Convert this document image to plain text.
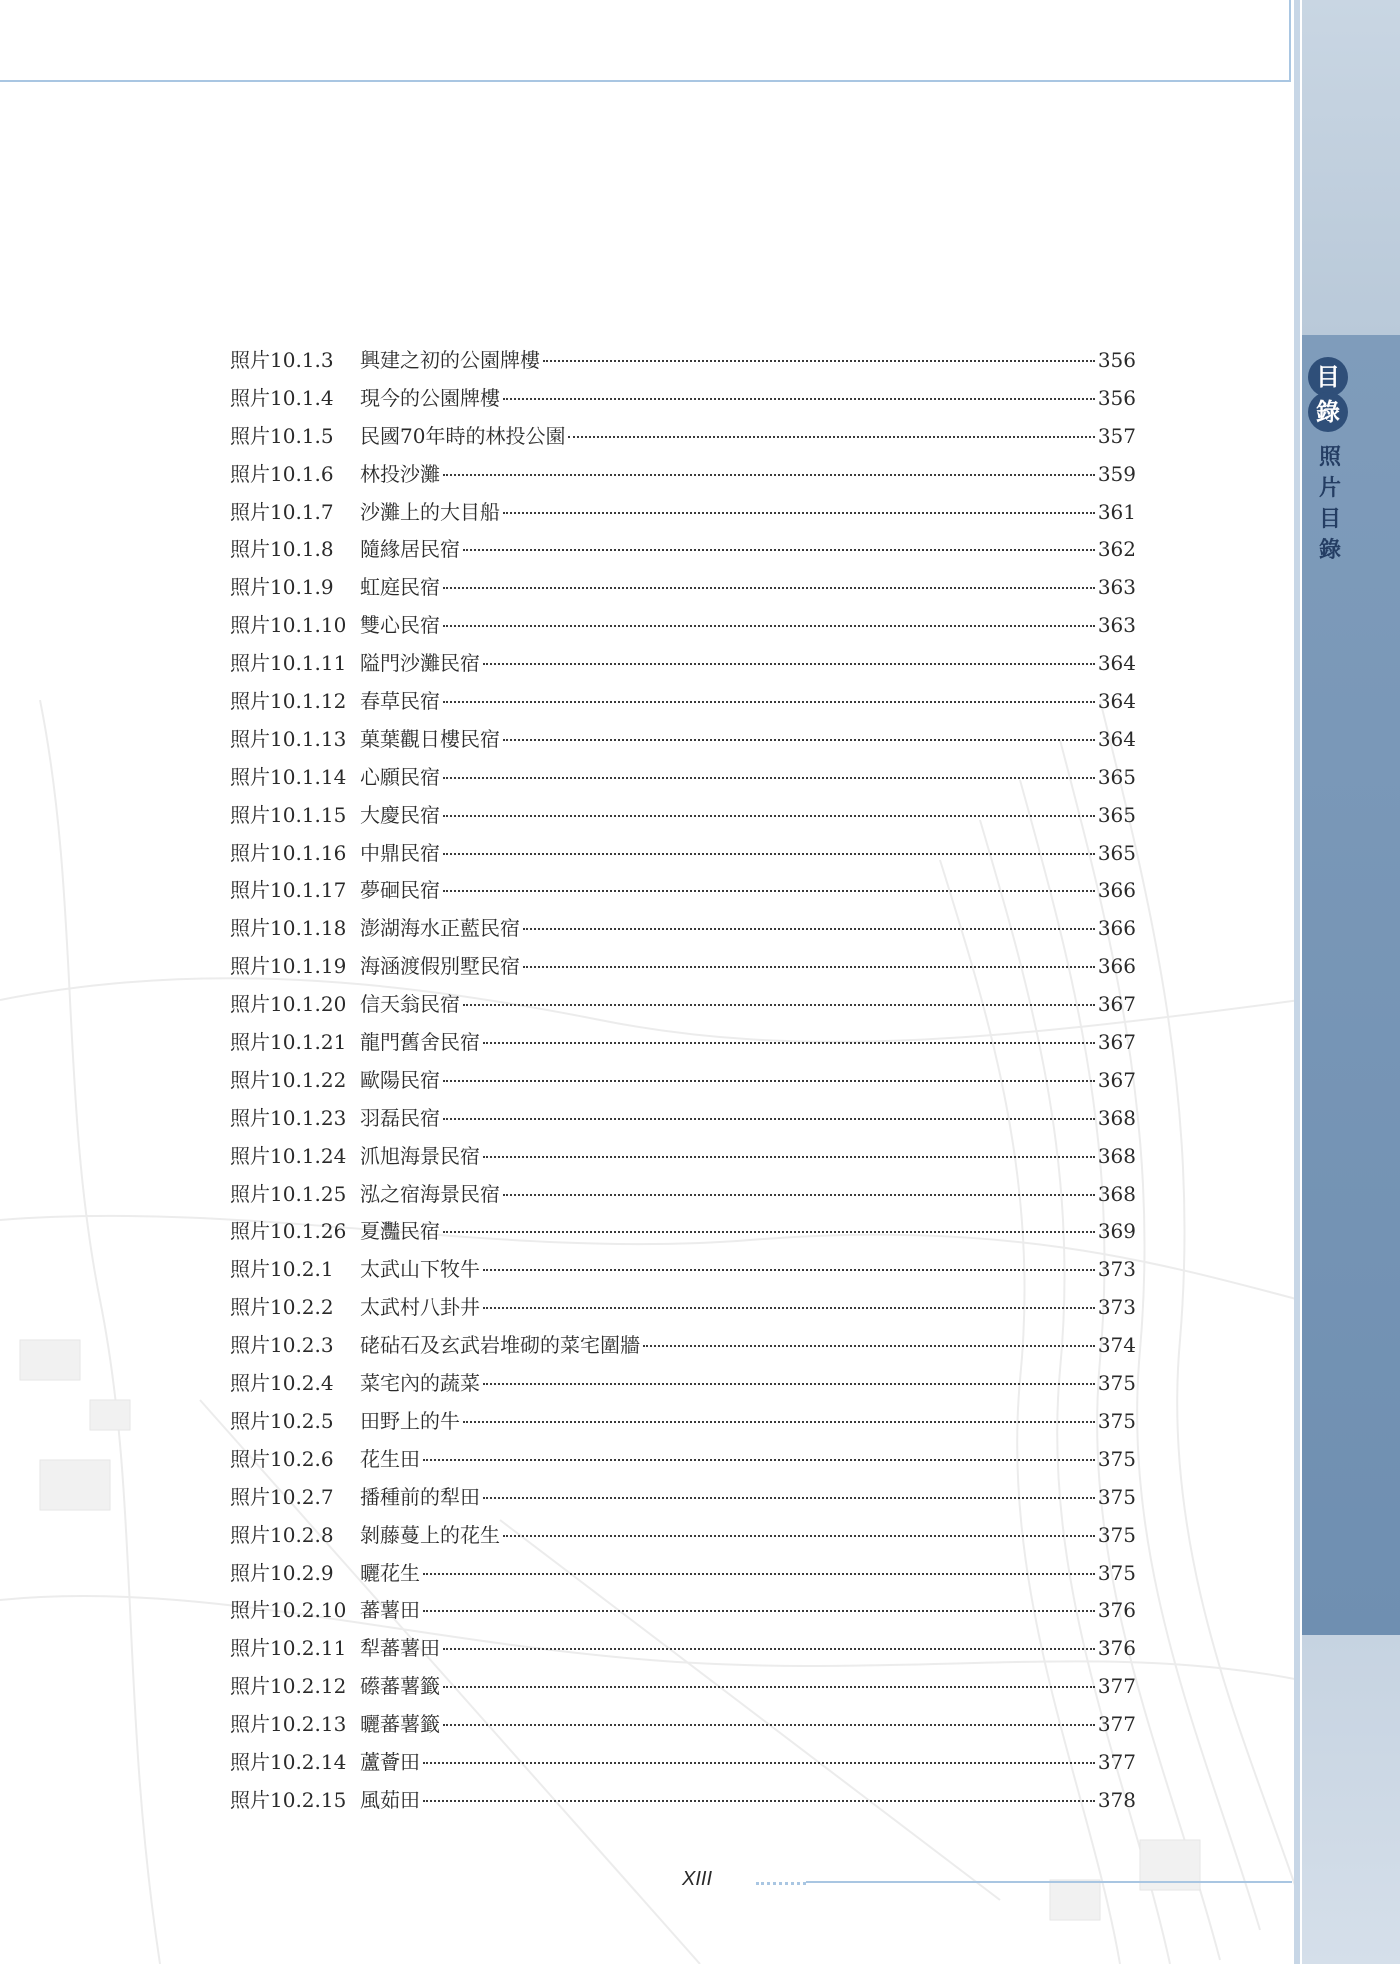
目
錄
照
片
目
錄
照片10.1.3	興建之初的公園牌樓	356
照片10.1.4	現今的公園牌樓	356
照片10.1.5	民國70年時的林投公園	357
照片10.1.6	林投沙灘	359
照片10.1.7	沙灘上的大目船	361
照片10.1.8	隨緣居民宿	362
照片10.1.9	虹庭民宿	363
照片10.1.10 雙心民宿	363
照片10.1.11 隘門沙灘民宿	364
照片10.1.12 春草民宿	364
照片10.1.13 菓葉觀日樓民宿	364
照片10.1.14 心願民宿	365
照片10.1.15 大慶民宿	365
照片10.1.16 中鼎民宿	365
照片10.1.17 夢硘民宿	366
照片10.1.18 澎湖海水正藍民宿	366
照片10.1.19 海涵渡假別墅民宿	366
照片10.1.20 信天翁民宿	367
照片10.1.21 龍門舊舍民宿	367
照片10.1.22 歐陽民宿	367
照片10.1.23 羽磊民宿	368
照片10.1.24 沠旭海景民宿	368
照片10.1.25 泓之宿海景民宿	368
照片10.1.26 夏灩民宿	369
照片10.2.1	太武山下牧牛	373
照片10.2.2	太武村八卦井	373
照片10.2.3	硓砧石及玄武岩堆砌的菜宅圍牆	374
照片10.2.4	菜宅內的蔬菜	375
照片10.2.5	田野上的牛	375
照片10.2.6	花生田	375
照片10.2.7	播種前的犁田	375
照片10.2.8	剝藤蔓上的花生	375
照片10.2.9	曬花生	375
照片10.2.10 蕃薯田	376
照片10.2.11 犁蕃薯田	376
照片10.2.12 礤蕃薯籤	377
照片10.2.13 曬蕃薯籤	377
照片10.2.14 蘆薈田	377
照片10.2.15 風茹田	378
XIII
